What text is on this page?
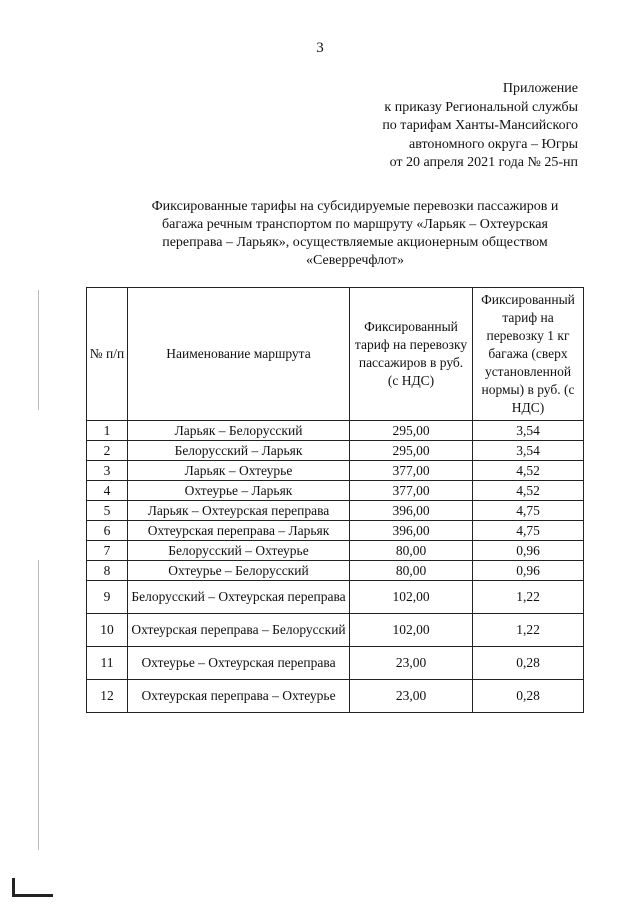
3
Приложение
к приказу Региональной службы
по тарифам Ханты-Мансийского
автономного округа – Югры
от 20 апреля 2021 года № 25-нп
Фиксированные тарифы на субсидируемые перевозки пассажиров и
багажа речным транспортом по маршруту «Ларьяк – Охтеурская
переправа – Ларьяк», осуществляемые акционерным обществом
«Северречфлот»
№ п/п	Наименование маршрута	Фиксированный тариф на перевозку пассажиров в руб. (с НДС)	Фиксированный тариф на перевозку 1 кг багажа (сверх установленной нормы) в руб. (с НДС)
1	Ларьяк – Белорусский	295,00	3,54
2	Белорусский – Ларьяк	295,00	3,54
3	Ларьяк – Охтеурье	377,00	4,52
4	Охтеурье – Ларьяк	377,00	4,52
5	Ларьяк – Охтеурская переправа	396,00	4,75
6	Охтеурская переправа – Ларьяк	396,00	4,75
7	Белорусский – Охтеурье	80,00	0,96
8	Охтеурье – Белорусский	80,00	0,96
9	Белорусский – Охтеурская переправа	102,00	1,22
10	Охтеурская переправа – Белорусский	102,00	1,22
11	Охтеурье – Охтеурская переправа	23,00	0,28
12	Охтеурская переправа – Охтеурье	23,00	0,28
